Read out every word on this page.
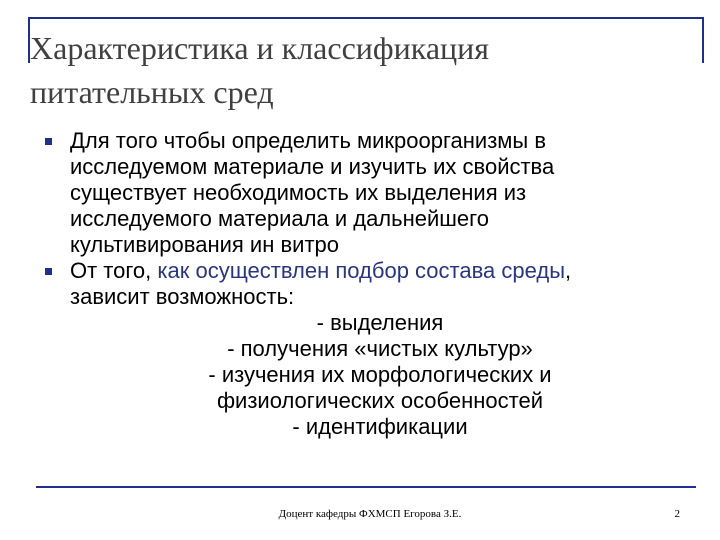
Характеристика и классификация
питательных сред
Для того чтобы определить микроорганизмы в
исследуемом материале и изучить их свойства
существует необходимость их выделения из
исследуемого материала и дальнейшего
культивирования ин витро
От того, как осуществлен подбор состава среды,
зависит возможность:
- выделения
- получения «чистых культур»
- изучения их морфологических и
физиологических особенностей
- идентификации
Доцент кафедры ФХМСП Егорова З.Е.	2
